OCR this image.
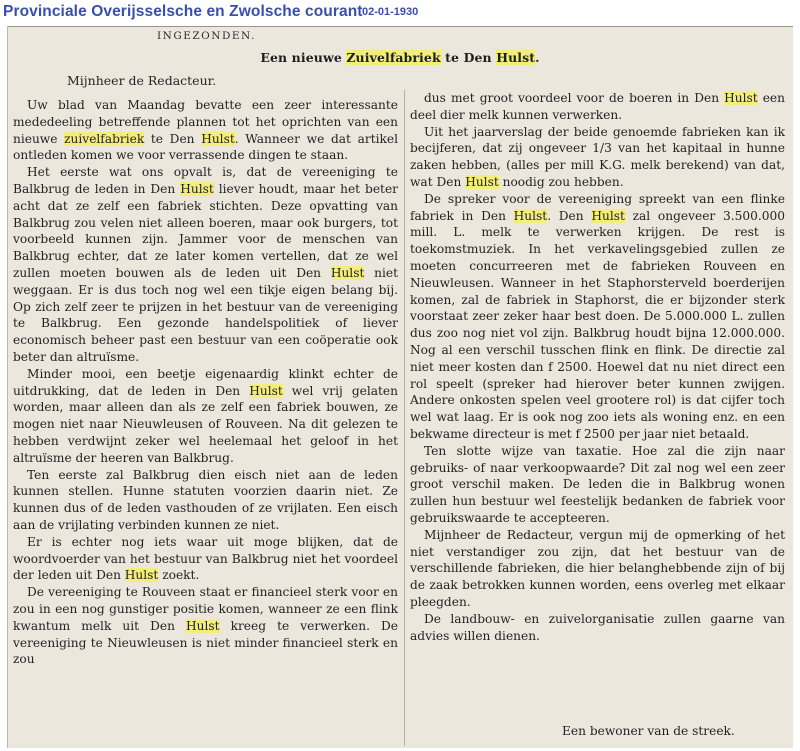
Provinciale Overijsselsche en Zwolsche courant 02-01-1930
INGEZONDEN.
Een nieuwe Zuivelfabriek te Den Hulst.
Mijnheer de Redacteur.

Uw blad van Maandag bevatte een zeer interessante mededeeling betreffende plannen tot het oprichten van een nieuwe zuivelfabriek te Den Hulst. Wanneer we dat artikel ontleden komen we voor verrassende dingen te staan.

Het eerste wat ons opvalt is, dat de vereeniging te Balkbrug de leden in Den Hulst liever houdt, maar het beter acht dat ze zelf een fabriek stichten. Deze opvatting van Balkbrug zou velen niet alleen boeren, maar ook burgers, tot voorbeeld kunnen zijn. Jammer voor de menschen van Balkbrug echter, dat ze later komen vertellen, dat ze wel zullen moeten bouwen als de leden uit Den Hulst niet weggaan. Er is dus toch nog wel een tikje eigen belang bij. Op zich zelf zeer te prijzen in het bestuur van de vereeniging te Balkbrug. Een gezonde handelspolitiek of liever economisch beheer past een bestuur van een coöperatie ook beter dan altruïsme.

Minder mooi, een beetje eigenaardig klinkt echter de uitdrukking, dat de leden in Den Hulst wel vrij gelaten worden, maar alleen dan als ze zelf een fabriek bouwen, ze mogen niet naar Nieuwleusen of Rouveen. Na dit gelezen te hebben verdwijnt zeker wel heelemaal het geloof in het altruïsme der heeren van Balkbrug.

Ten eerste zal Balkbrug dien eisch niet aan de leden kunnen stellen. Hunne statuten voorzien daarin niet. Ze kunnen dus of de leden vasthouden of ze vrijlaten. Een eisch aan de vrijlating verbinden kunnen ze niet.

Er is echter nog iets waar uit moge blijken, dat de woordvoerder van het bestuur van Balkbrug niet het voordeel der leden uit Den Hulst zoekt.

De vereeniging te Rouveen staat er financieel sterk voor en zou in een nog gunstiger positie komen, wanneer ze een flink kwantum melk uit Den Hulst kreeg te verwerken. De vereeniging te Nieuwleusen is niet minder financieel sterk en zou

dus met groot voordeel voor de boeren in Den Hulst een deel dier melk kunnen verwerken.

Uit het jaarverslag der beide genoemde fabrieken kan ik becijferen, dat zij ongeveer 1/3 van het kapitaal in hunne zaken hebben, (alles per mill K.G. melk berekend) van dat, wat Den Hulst noodig zou hebben.

De spreker voor de vereeniging spreekt van een flinke fabriek in Den Hulst. Den Hulst zal ongeveer 3.500.000 mill. L. melk te verwerken krijgen. De rest is toekomstmuziek. In het verkavelingsgebied zullen ze moeten concurreeren met de fabrieken Rouveen en Nieuwleusen. Wanneer in het Staphorsterveld boerderijen komen, zal de fabriek in Staphorst, die er bijzonder sterk voorstaat zeer zeker haar best doen. De 5.000.000 L. zullen dus zoo nog niet vol zijn. Balkbrug houdt bijna 12.000.000. Nog al een verschil tusschen flink en flink. De directie zal niet meer kosten dan f 2500. Hoewel dat nu niet direct een rol speelt (spreker had hierover beter kunnen zwijgen. Andere onkosten spelen veel grootere rol) is dat cijfer toch wel wat laag. Er is ook nog zoo iets als woning enz. en een bekwame directeur is met f 2500 per jaar niet betaald.

Ten slotte wijze van taxatie. Hoe zal die zijn naar gebruiks- of naar verkoopwaarde? Dit zal nog wel een zeer groot verschil maken. De leden die in Balkbrug wonen zullen hun bestuur wel feestelijk bedanken de fabriek voor gebruikswaarde te accepteeren.

Mijnheer de Redacteur, vergun mij de opmerking of het niet verstandiger zou zijn, dat het bestuur van de verschillende fabrieken, die hier belanghebbende zijn of bij de zaak betrokken kunnen worden, eens overleg met elkaar pleegden.

De landbouw- en zuivelorganisatie zullen gaarne van advies willen dienen.

Een bewoner van de streek.
